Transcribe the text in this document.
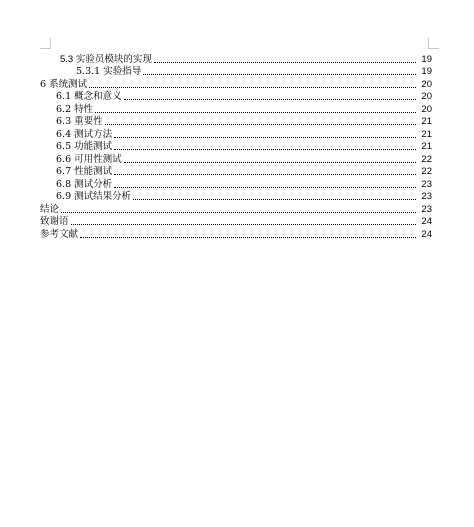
5.3 实验员模块的实现	19
5.3.1 实验指导	19
6 系统测试	20
6.1 概念和意义	20
6.2 特性	20
6.3 重要性	21
6.4 测试方法	21
6.5 功能测试	21
6.6 可用性测试	22
6.7 性能测试	22
6.8 测试分析	23
6.9 测试结果分析	23
结论	23
致谢语	24
参考文献	24
